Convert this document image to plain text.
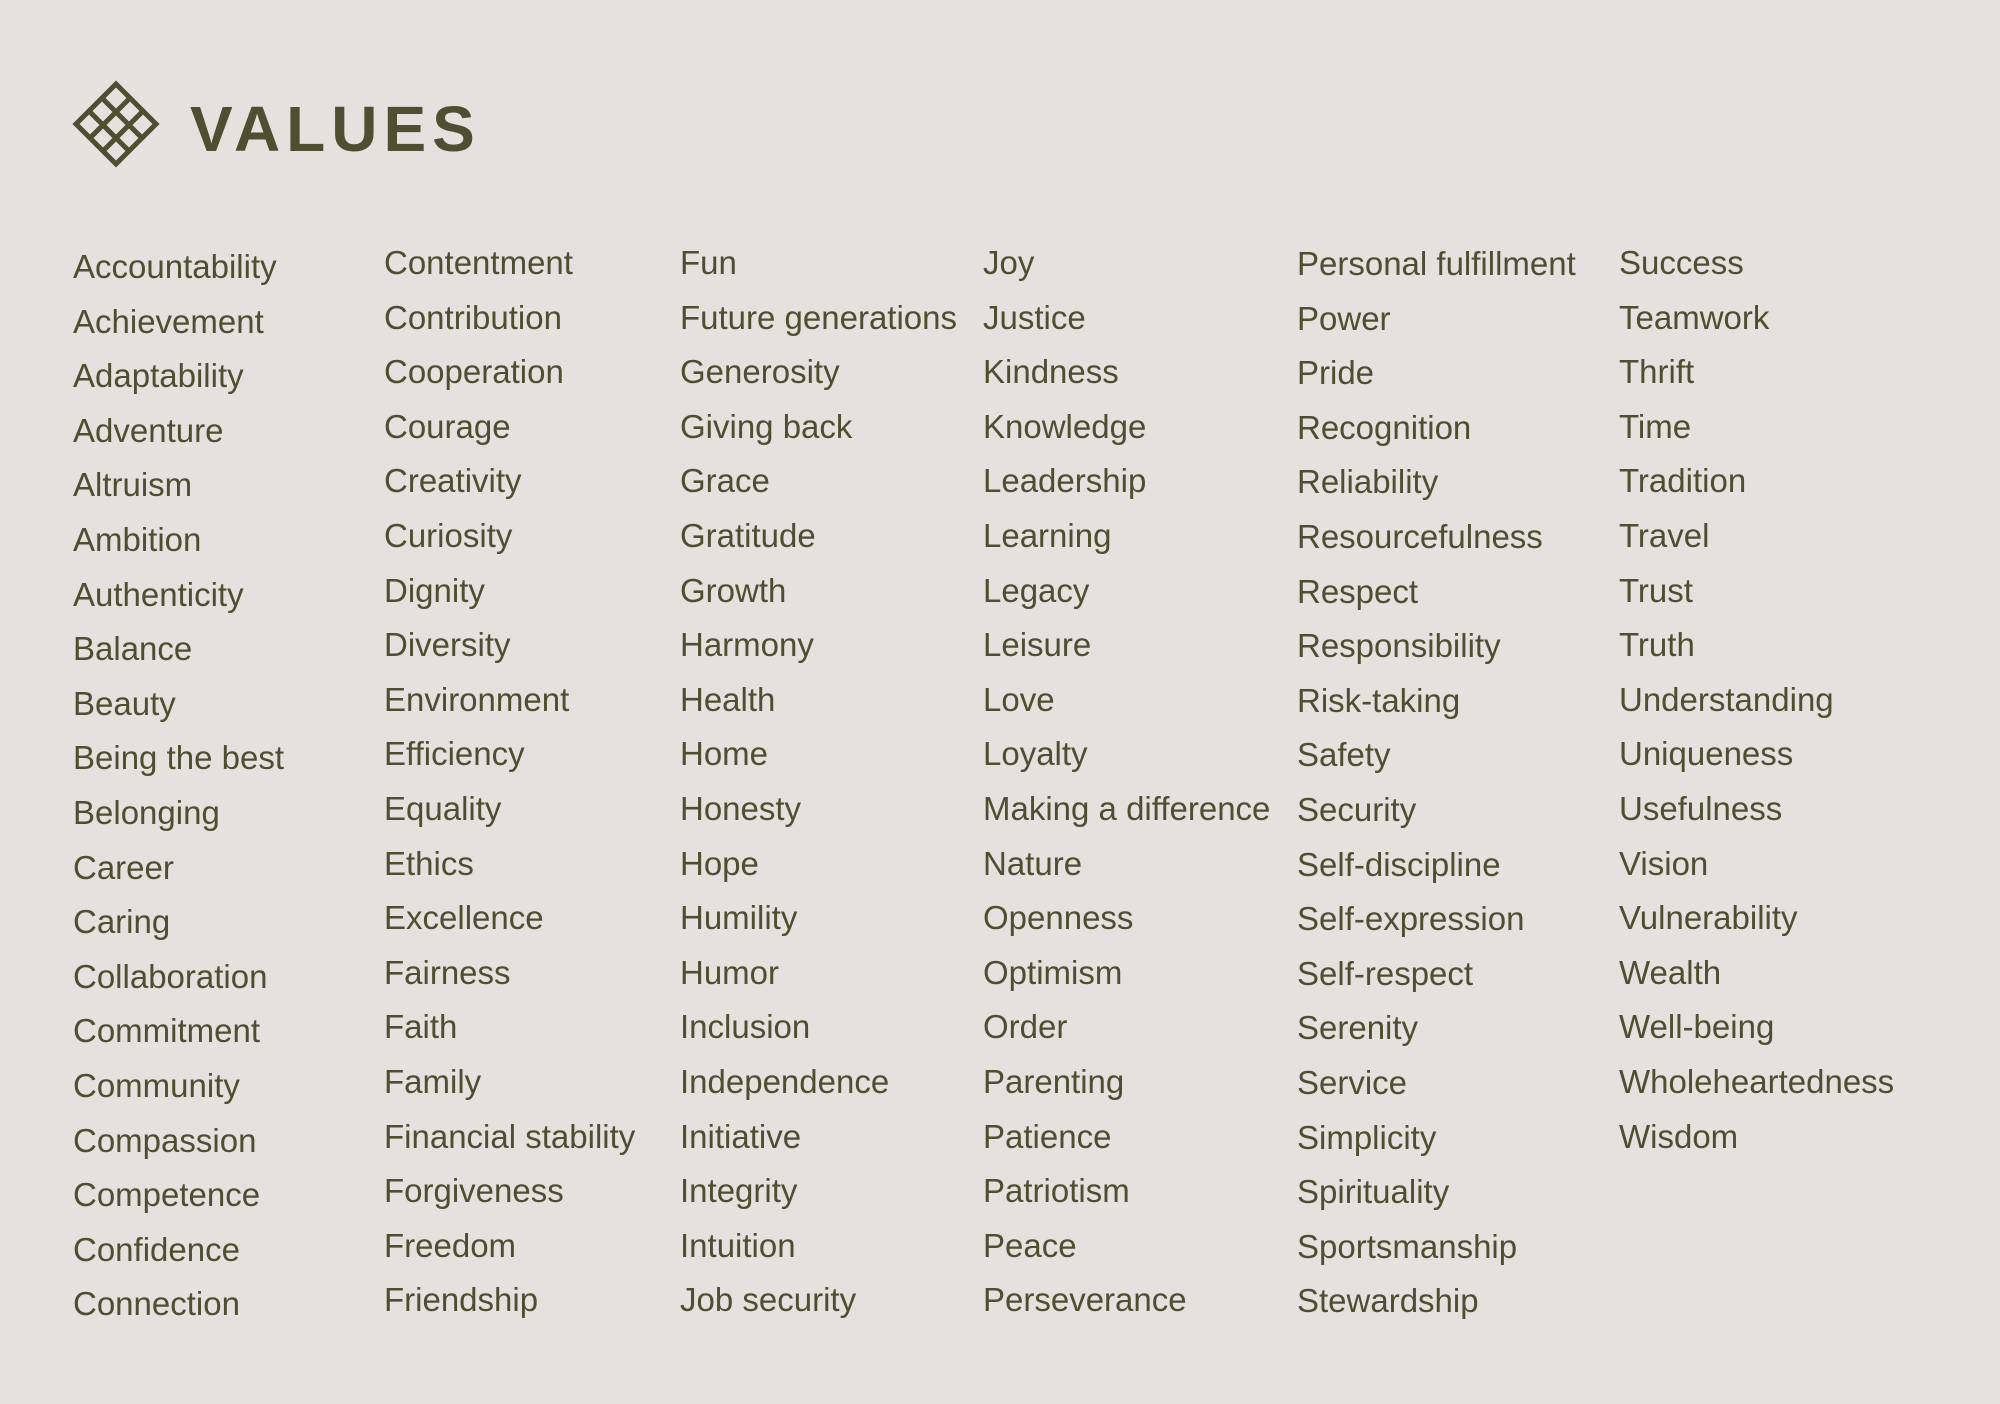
VALUES
Accountability
Achievement
Adaptability
Adventure
Altruism
Ambition
Authenticity
Balance
Beauty
Being the best
Belonging
Career
Caring
Collaboration
Commitment
Community
Compassion
Competence
Confidence
Connection
Contentment
Contribution
Cooperation
Courage
Creativity
Curiosity
Dignity
Diversity
Environment
Efficiency
Equality
Ethics
Excellence
Fairness
Faith
Family
Financial stability
Forgiveness
Freedom
Friendship
Fun
Future generations
Generosity
Giving back
Grace
Gratitude
Growth
Harmony
Health
Home
Honesty
Hope
Humility
Humor
Inclusion
Independence
Initiative
Integrity
Intuition
Job security
Joy
Justice
Kindness
Knowledge
Leadership
Learning
Legacy
Leisure
Love
Loyalty
Making a difference
Nature
Openness
Optimism
Order
Parenting
Patience
Patriotism
Peace
Perseverance
Personal fulfillment
Power
Pride
Recognition
Reliability
Resourcefulness
Respect
Responsibility
Risk-taking
Safety
Security
Self-discipline
Self-expression
Self-respect
Serenity
Service
Simplicity
Spirituality
Sportsmanship
Stewardship
Success
Teamwork
Thrift
Time
Tradition
Travel
Trust
Truth
Understanding
Uniqueness
Usefulness
Vision
Vulnerability
Wealth
Well-being
Wholeheartedness
Wisdom
